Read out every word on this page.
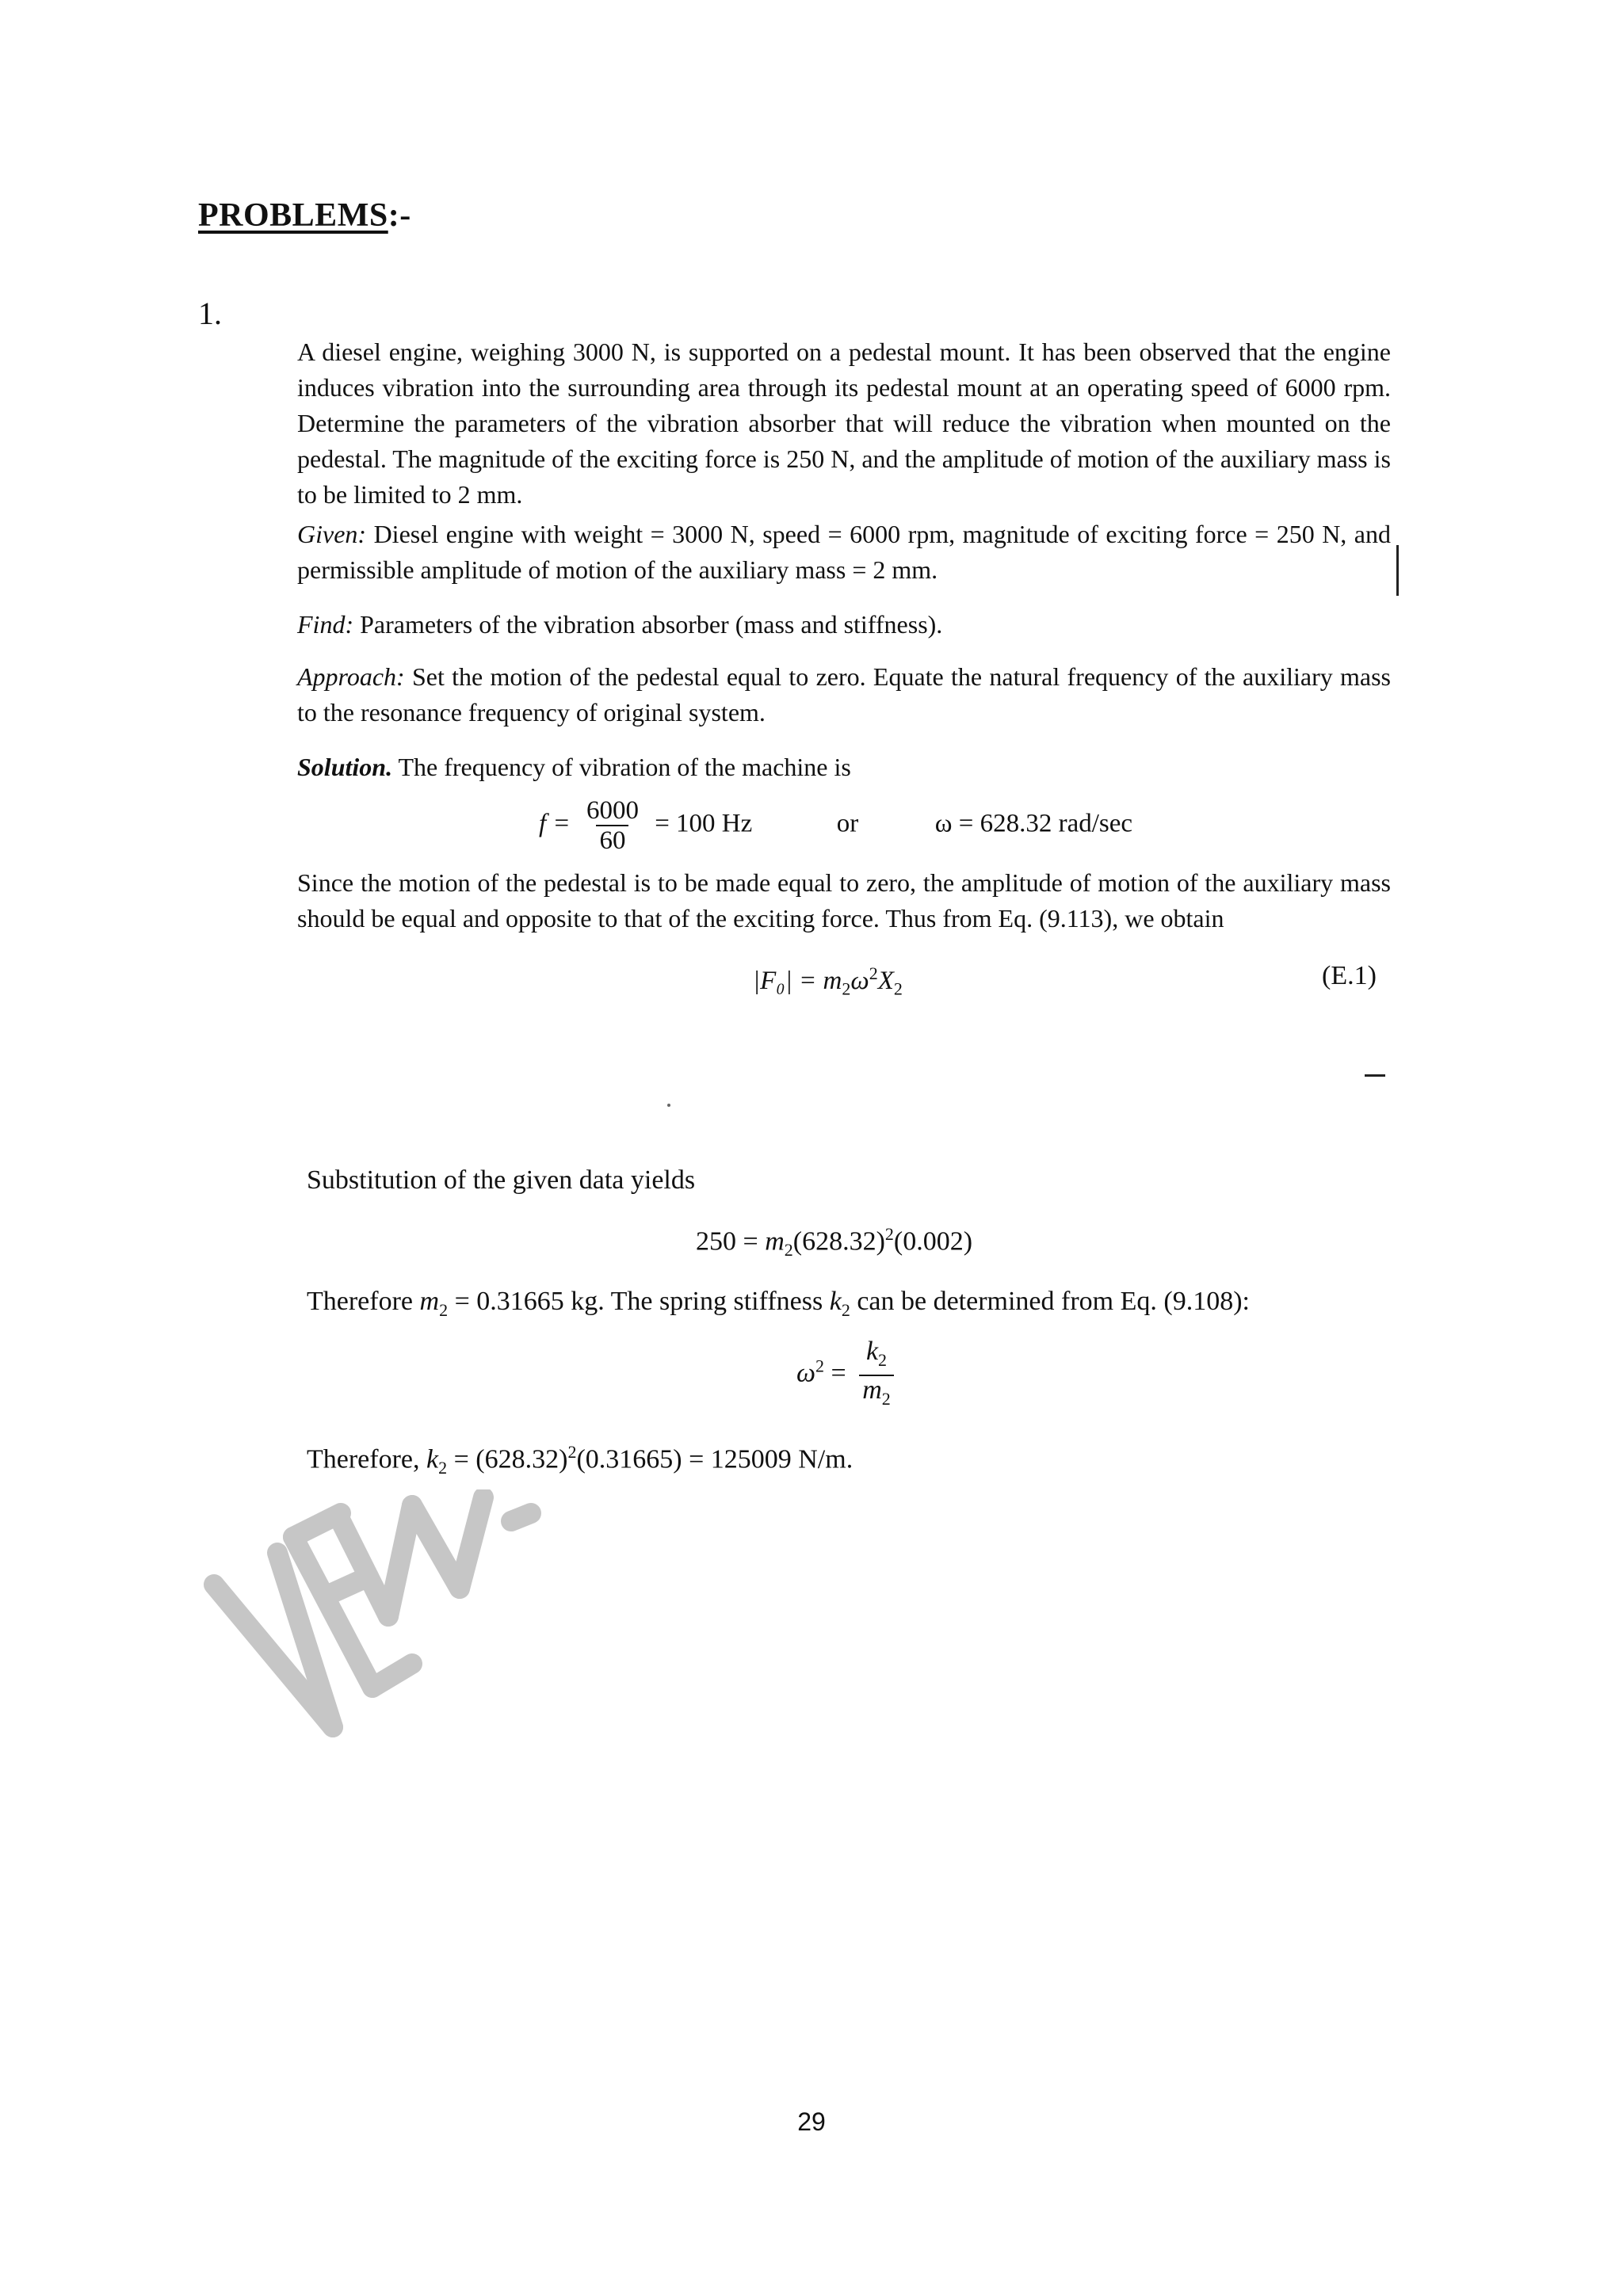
PROBLEMS:-
1.
A diesel engine, weighing 3000 N, is supported on a pedestal mount. It has been observed that the engine induces vibration into the surrounding area through its pedestal mount at an operating speed of 6000 rpm. Determine the parameters of the vibration absorber that will reduce the vibration when mounted on the pedestal. The magnitude of the exciting force is 250 N, and the amplitude of motion of the auxiliary mass is to be limited to 2 mm.
Given: Diesel engine with weight = 3000 N, speed = 6000 rpm, magnitude of exciting force = 250 N, and permissible amplitude of motion of the auxiliary mass = 2 mm.
Find: Parameters of the vibration absorber (mass and stiffness).
Approach: Set the motion of the pedestal equal to zero. Equate the natural frequency of the auxiliary mass to the resonance frequency of original system.
Solution. The frequency of vibration of the machine is
$f = \frac{6000}{60} = 100$ Hz	or	ω = 628.32 rad/sec
Since the motion of the pedestal is to be made equal to zero, the amplitude of motion of the auxiliary mass should be equal and opposite to that of the exciting force. Thus from Eq. (9.113), we obtain
$|F_0| = m_2\omega^2X_2$	(E.1)
Substitution of the given data yields
$250 = m_2(628.32)^2(0.002)$
Therefore $m_2 = 0.31665$ kg. The spring stiffness $k_2$ can be determined from Eq. (9.108):
$\omega^2 = \frac{k_2}{m_2}$
Therefore, $k_2 = (628.32)^2(0.31665) = 125009$ N/m.
29
